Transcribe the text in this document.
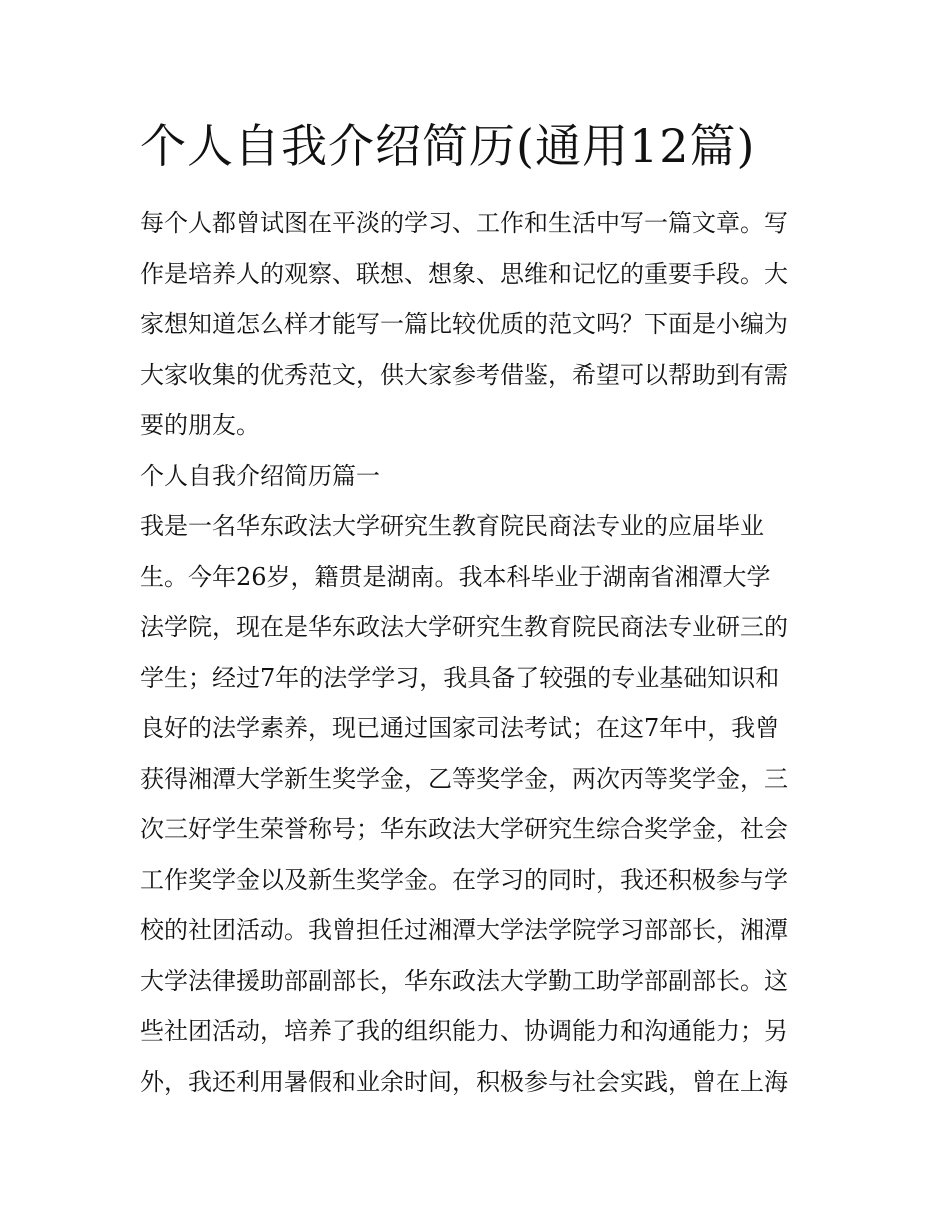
个人自我介绍简历(通用12篇)

每个人都曾试图在平淡的学习、工作和生活中写一篇文章。写

作是培养人的观察、联想、想象、思维和记忆的重要手段。大

家想知道怎么样才能写一篇比较优质的范文吗？下面是小编为

大家收集的优秀范文，供大家参考借鉴，希望可以帮助到有需

要的朋友。

个人自我介绍简历篇一

我是一名华东政法大学研究生教育院民商法专业的应届毕业

生。今年26岁，籍贯是湖南。我本科毕业于湖南省湘潭大学

法学院，现在是华东政法大学研究生教育院民商法专业研三的

学生；经过7年的法学学习，我具备了较强的专业基础知识和

良好的法学素养，现已通过国家司法考试；在这7年中，我曾

获得湘潭大学新生奖学金，乙等奖学金，两次丙等奖学金，三

次三好学生荣誉称号；华东政法大学研究生综合奖学金，社会

工作奖学金以及新生奖学金。在学习的同时，我还积极参与学

校的社团活动。我曾担任过湘潭大学法学院学习部部长，湘潭

大学法律援助部副部长，华东政法大学勤工助学部副部长。这

些社团活动，培养了我的组织能力、协调能力和沟通能力；另

外，我还利用暑假和业余时间，积极参与社会实践，曾在上海
